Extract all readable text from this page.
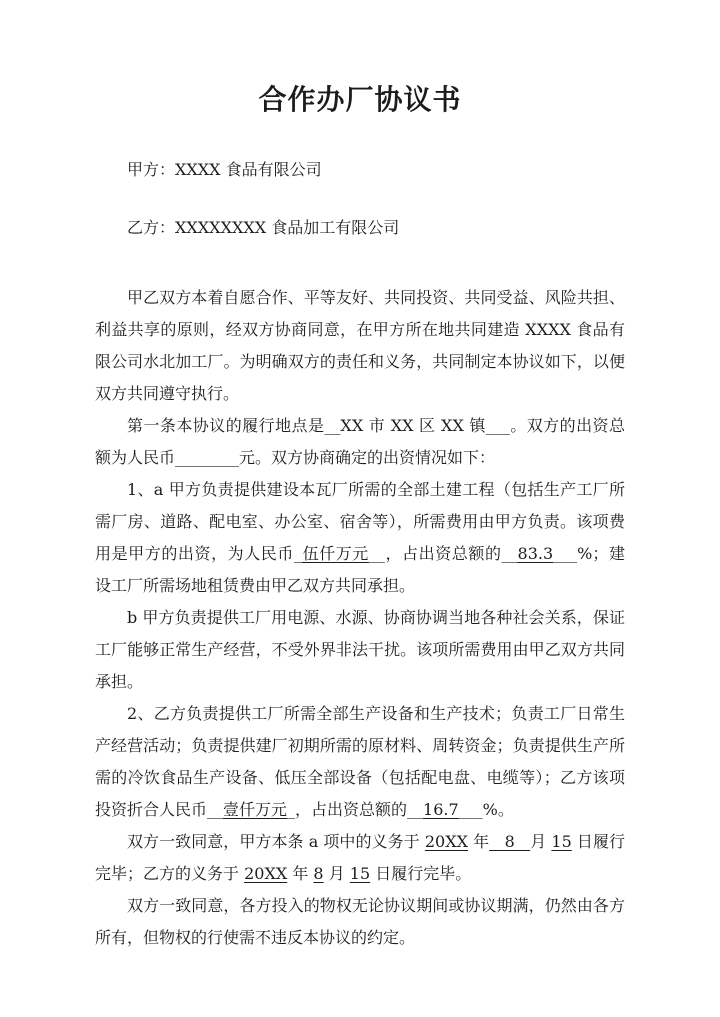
合作办厂协议书

甲方：XXXX 食品有限公司

乙方：XXXXXXXX 食品加工有限公司

甲乙双方本着自愿合作、平等友好、共同投资、共同受益、风险共担、利益共享的原则，经双方协商同意，在甲方所在地共同建造 XXXX 食品有限公司水北加工厂。为明确双方的责任和义务，共同制定本协议如下，以便双方共同遵守执行。

第一条本协议的履行地点是__XX 市 XX 区 XX 镇___。双方的出资总额为人民币________元。双方协商确定的出资情况如下：

1、a 甲方负责提供建设本瓦厂所需的全部土建工程（包括生产工厂所需厂房、道路、配电室、办公室、宿舍等），所需费用由甲方负责。该项费用是甲方的出资，为人民币_伍仟万元__，占出资总额的__83.3___%；建设工厂所需场地租赁费由甲乙双方共同承担。

b 甲方负责提供工厂用电源、水源、协商协调当地各种社会关系，保证工厂能够正常生产经营，不受外界非法干扰。该项所需费用由甲乙双方共同承担。

2、乙方负责提供工厂所需全部生产设备和生产技术；负责工厂日常生产经营活动；负责提供建厂初期所需的原材料、周转资金；负责提供生产所需的冷饮食品生产设备、低压全部设备（包括配电盘、电缆等）；乙方该项投资折合人民币__壹仟万元_，占出资总额的__16.7___%。

双方一致同意，甲方本条 a 项中的义务于 20XX 年   8   月 15 日履行完毕；乙方的义务于 20XX 年 8 月 15 日履行完毕。

双方一致同意，各方投入的物权无论协议期间或协议期满，仍然由各方所有，但物权的行使需不违反本协议的约定。
